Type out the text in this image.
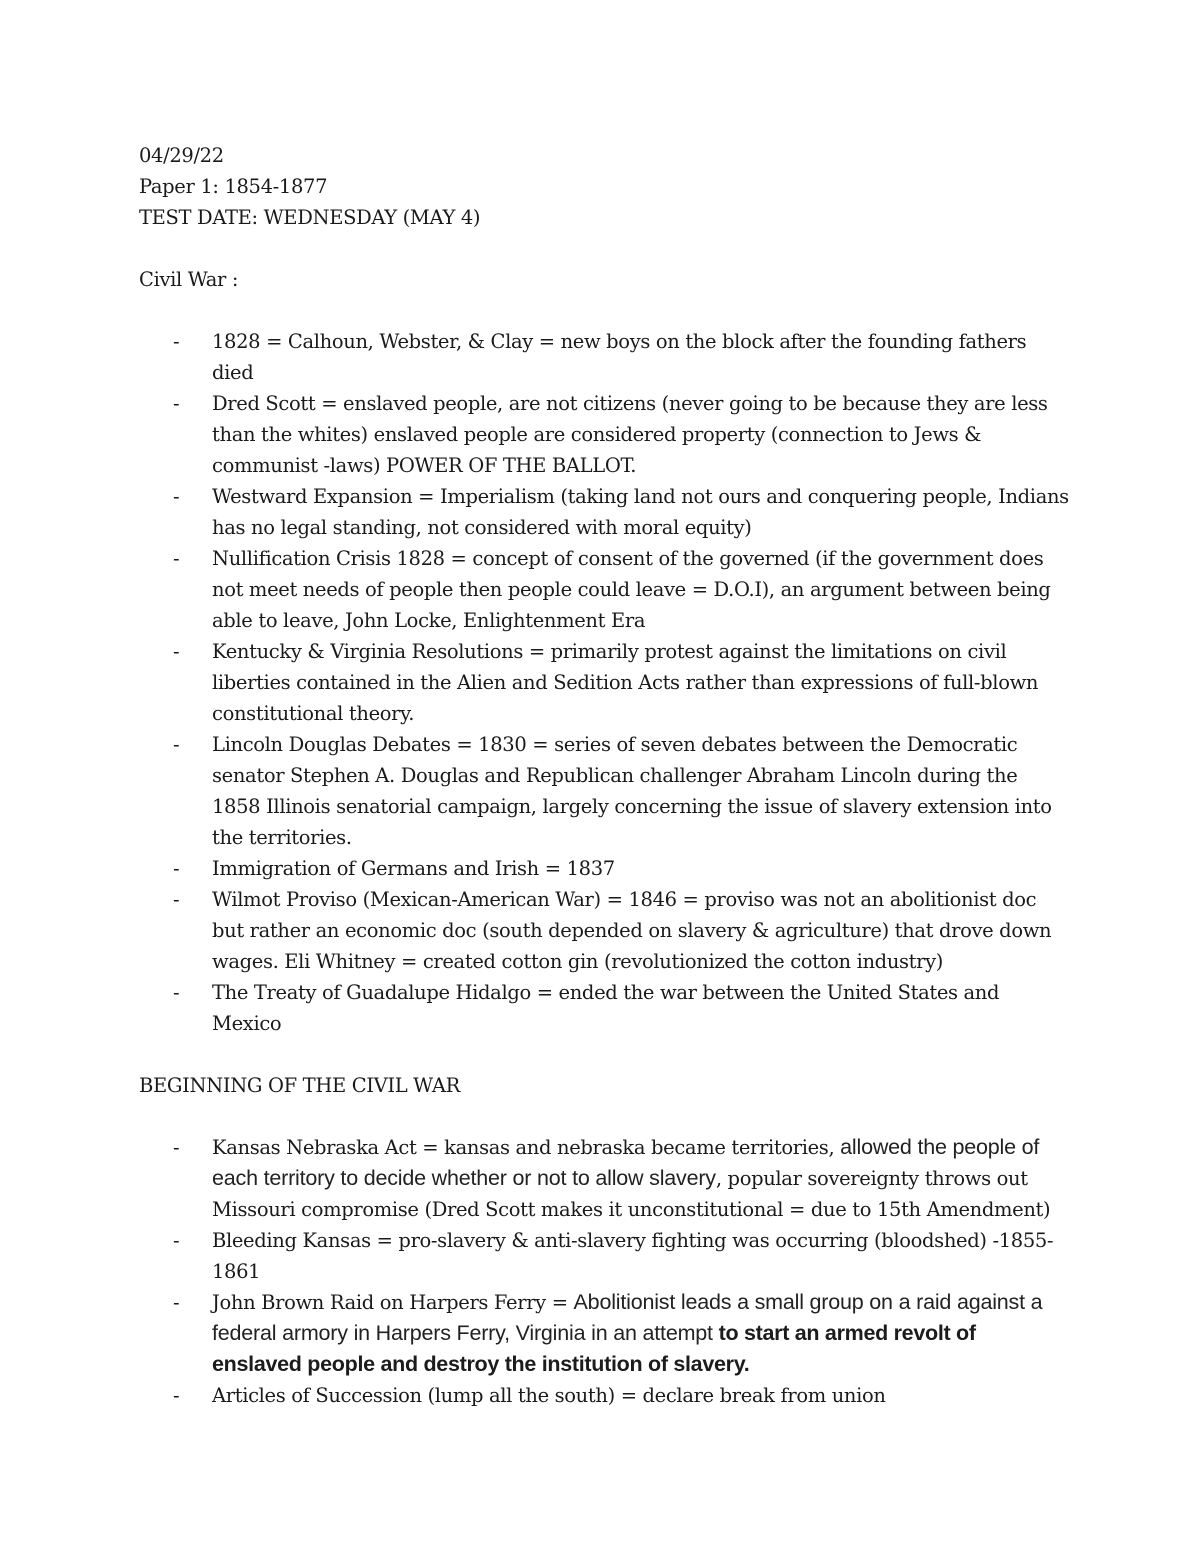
04/29/22
Paper 1: 1854-1877
TEST DATE: WEDNESDAY (MAY 4)
Civil War :
- 1828 = Calhoun, Webster, & Clay = new boys on the block after the founding fathers died
- Dred Scott = enslaved people, are not citizens (never going to be because they are less than the whites) enslaved people are considered property (connection to Jews & communist -laws) POWER OF THE BALLOT.
- Westward Expansion = Imperialism (taking land not ours and conquering people, Indians has no legal standing, not considered with moral equity)
- Nullification Crisis 1828 = concept of consent of the governed (if the government does not meet needs of people then people could leave = D.O.I), an argument between being able to leave, John Locke, Enlightenment Era
- Kentucky & Virginia Resolutions = primarily protest against the limitations on civil liberties contained in the Alien and Sedition Acts rather than expressions of full-blown constitutional theory.
- Lincoln Douglas Debates = 1830 = series of seven debates between the Democratic senator Stephen A. Douglas and Republican challenger Abraham Lincoln during the 1858 Illinois senatorial campaign, largely concerning the issue of slavery extension into the territories.
- Immigration of Germans and Irish = 1837
- Wilmot Proviso (Mexican-American War) = 1846 = proviso was not an abolitionist doc but rather an economic doc (south depended on slavery & agriculture) that drove down wages. Eli Whitney = created cotton gin (revolutionized the cotton industry)
- The Treaty of Guadalupe Hidalgo = ended the war between the United States and Mexico
BEGINNING OF THE CIVIL WAR
- Kansas Nebraska Act = kansas and nebraska became territories, allowed the people of each territory to decide whether or not to allow slavery, popular sovereignty throws out Missouri compromise (Dred Scott makes it unconstitutional = due to 15th Amendment)
- Bleeding Kansas = pro-slavery & anti-slavery fighting was occurring (bloodshed) -1855-1861
- John Brown Raid on Harpers Ferry = Abolitionist leads a small group on a raid against a federal armory in Harpers Ferry, Virginia in an attempt to start an armed revolt of enslaved people and destroy the institution of slavery.
- Articles of Succession (lump all the south) = declare break from union
